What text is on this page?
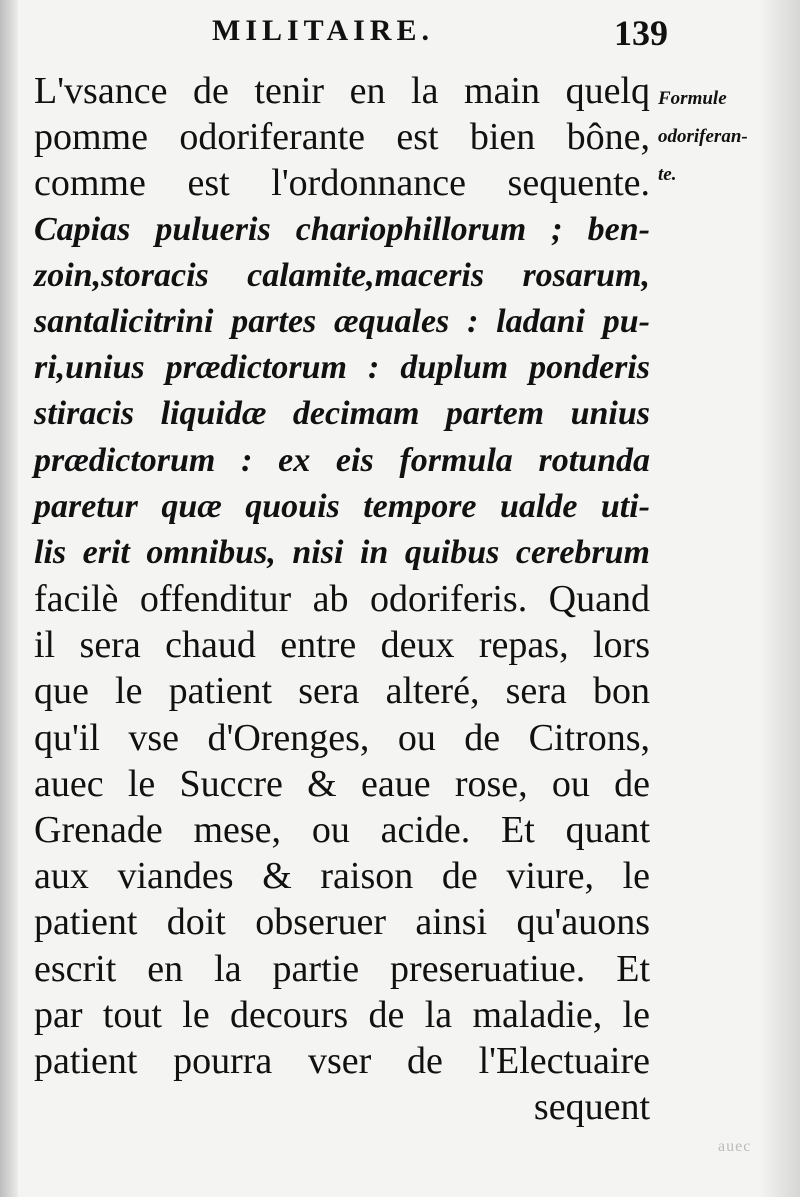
MILITAIRE.	139
Formule
odoriferan-
te.
L'vsance de tenir en la main quelq
pomme odoriferante est bien bône,
comme est l'ordonnance sequente.
Capias pulueris chariophillorum ; ben-
zoin,storacis calamite,maceris rosarum,
santalicitrini partes æquales : ladani pu-
ri,unius prædictorum : duplum ponderis
stiracis liquidæ decimam partem unius
prædictorum : ex eis formula rotunda
paretur quæ quouis tempore ualde uti-
lis erit omnibus, nisi in quibus cerebrum
facilè offenditur ab odoriferis. Quand
il sera chaud entre deux repas, lors
que le patient sera alteré, sera bon
qu'il vse d'Orenges, ou de Citrons,
auec le Succre & eaue rose, ou de
Grenade mese, ou acide. Et quant
aux viandes & raison de viure, le
patient doit obseruer ainsi qu'auons
escrit en la partie preseruatiue. Et
par tout le decours de la maladie, le
patient pourra vser de l'Electuaire
sequent
auec
